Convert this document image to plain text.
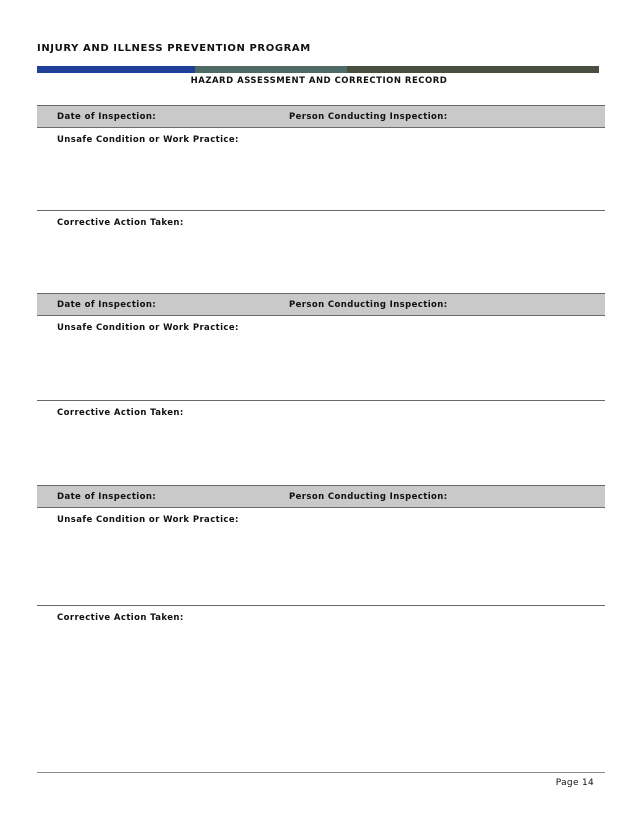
INJURY AND ILLNESS PREVENTION PROGRAM
HAZARD ASSESSMENT AND CORRECTION RECORD
Date of Inspection:	Person Conducting Inspection:
Unsafe Condition or Work Practice:
Corrective Action Taken:
Date of Inspection:	Person Conducting Inspection:
Unsafe Condition or Work Practice:
Corrective Action Taken:
Date of Inspection:	Person Conducting Inspection:
Unsafe Condition or Work Practice:
Corrective Action Taken:
Page 14
